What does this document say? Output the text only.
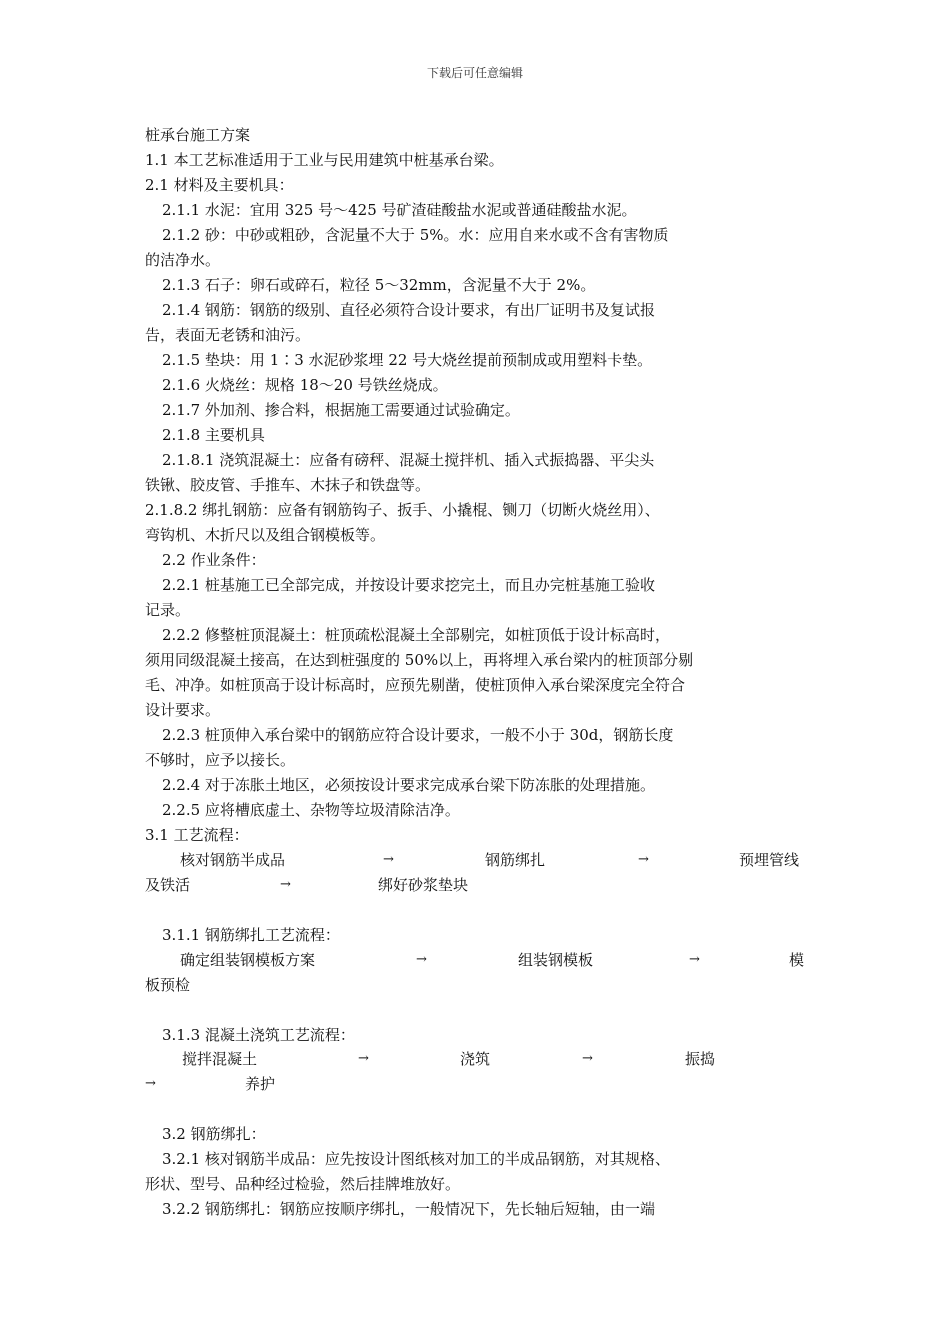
下载后可任意编辑
桩承台施工方案
1.1 本工艺标准适用于工业与民用建筑中桩基承台梁。
2.1 材料及主要机具：
2.1.1 水泥：宜用 325 号～425 号矿渣硅酸盐水泥或普通硅酸盐水泥。
2.1.2 砂：中砂或粗砂，含泥量不大于 5%。水：应用自来水或不含有害物质
的洁净水。
2.1.3 石子：卵石或碎石，粒径 5～32mm，含泥量不大于 2%。
2.1.4 钢筋：钢筋的级别、直径必须符合设计要求，有出厂证明书及复试报
告，表面无老锈和油污。
2.1.5 垫块：用 1∶3 水泥砂浆埋 22 号大烧丝提前预制成或用塑料卡垫。
2.1.6 火烧丝：规格 18～20 号铁丝烧成。
2.1.7 外加剂、掺合料，根据施工需要通过试验确定。
2.1.8 主要机具
2.1.8.1 浇筑混凝土：应备有磅秤、混凝土搅拌机、插入式振捣器、平尖头
铁锹、胶皮管、手推车、木抹子和铁盘等。
2.1.8.2 绑扎钢筋：应备有钢筋钩子、扳手、小撬棍、铡刀（切断火烧丝用）、
弯钩机、木折尺以及组合钢模板等。
2.2 作业条件：
2.2.1 桩基施工已全部完成，并按设计要求挖完土，而且办完桩基施工验收
记录。
2.2.2 修整桩顶混凝土：桩顶疏松混凝土全部剔完，如桩顶低于设计标高时，
须用同级混凝土接高，在达到桩强度的 50%以上，再将埋入承台梁内的桩顶部分剔
毛、冲净。如桩顶高于设计标高时，应预先剔凿，使桩顶伸入承台梁深度完全符合
设计要求。
2.2.3 桩顶伸入承台梁中的钢筋应符合设计要求，一般不小于 30d，钢筋长度
不够时，应予以接长。
2.2.4 对于冻胀土地区，必须按设计要求完成承台梁下防冻胀的处理措施。
2.2.5 应将槽底虚土、杂物等垃圾清除洁净。
3.1 工艺流程：
核对钢筋半成品	→	钢筋绑扎	→	预埋管线
及铁活	→	绑好砂浆垫块
3.1.1 钢筋绑扎工艺流程：
确定组装钢模板方案	→	组装钢模板	→	模
板预检
3.1.3 混凝土浇筑工艺流程：
搅拌混凝土	→	浇筑	→	振捣
→	养护
3.2 钢筋绑扎：
3.2.1 核对钢筋半成品：应先按设计图纸核对加工的半成品钢筋，对其规格、
形状、型号、品种经过检验，然后挂牌堆放好。
3.2.2 钢筋绑扎：钢筋应按顺序绑扎，一般情况下，先长轴后短轴，由一端
